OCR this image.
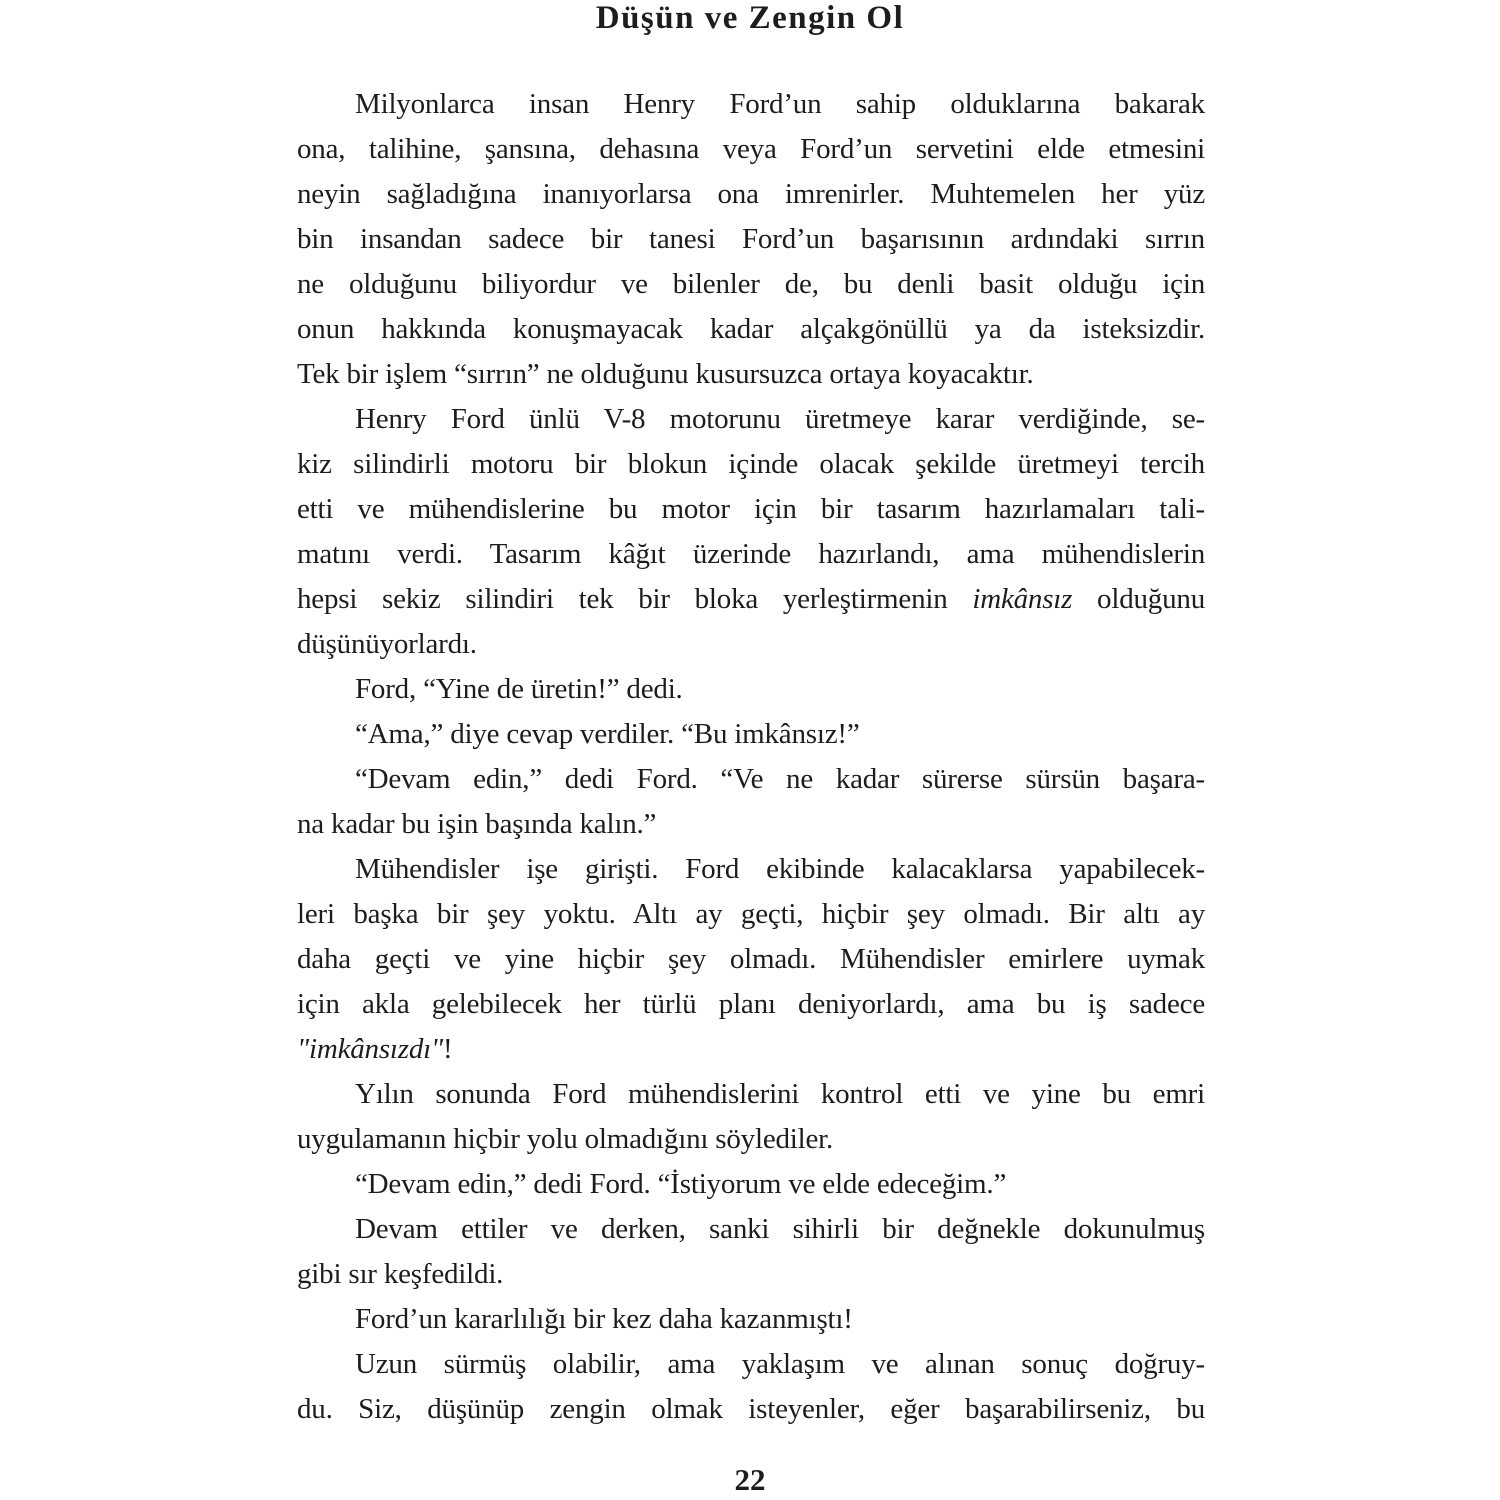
Düşün ve Zengin Ol
Milyonlarca insan Henry Ford’un sahip olduklarına bakarak
ona, talihine, şansına, dehasına veya Ford’un servetini elde etmesini
neyin sağladığına inanıyorlarsa ona imrenirler. Muhtemelen her yüz
bin insandan sadece bir tanesi Ford’un başarısının ardındaki sırrın
ne olduğunu biliyordur ve bilenler de, bu denli basit olduğu için
onun hakkında konuşmayacak kadar alçakgönüllü ya da isteksizdir.
Tek bir işlem “sırrın” ne olduğunu kusursuzca ortaya koyacaktır.
Henry Ford ünlü V-8 motorunu üretmeye karar verdiğinde, se-
kiz silindirli motoru bir blokun içinde olacak şekilde üretmeyi tercih
etti ve mühendislerine bu motor için bir tasarım hazırlamaları tali-
matını verdi. Tasarım kâğıt üzerinde hazırlandı, ama mühendislerin
hepsi sekiz silindiri tek bir bloka yerleştirmenin imkânsız olduğunu
düşünüyorlardı.
Ford, “Yine de üretin!” dedi.
“Ama,” diye cevap verdiler. “Bu imkânsız!”
“Devam edin,” dedi Ford. “Ve ne kadar sürerse sürsün başara-
na kadar bu işin başında kalın.”
Mühendisler işe girişti. Ford ekibinde kalacaklarsa yapabilecek-
leri başka bir şey yoktu. Altı ay geçti, hiçbir şey olmadı. Bir altı ay
daha geçti ve yine hiçbir şey olmadı. Mühendisler emirlere uymak
için akla gelebilecek her türlü planı deniyorlardı, ama bu iş sadece
"imkânsızdı"!
Yılın sonunda Ford mühendislerini kontrol etti ve yine bu emri
uygulamanın hiçbir yolu olmadığını söylediler.
“Devam edin,” dedi Ford. “İstiyorum ve elde edeceğim.”
Devam ettiler ve derken, sanki sihirli bir değnekle dokunulmuş
gibi sır keşfedildi.
Ford’un kararlılığı bir kez daha kazanmıştı!
Uzun sürmüş olabilir, ama yaklaşım ve alınan sonuç doğruy-
du. Siz, düşünüp zengin olmak isteyenler, eğer başarabilirseniz, bu
22
